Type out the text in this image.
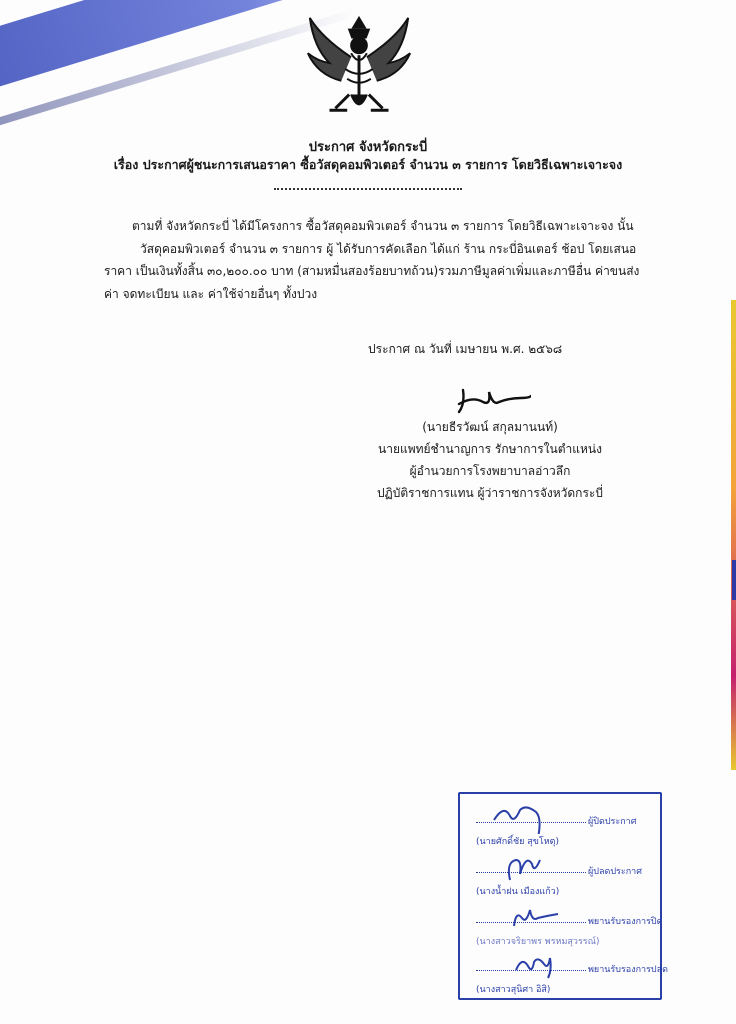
ประกาศ จังหวัดกระบี่
เรื่อง ประกาศผู้ชนะการเสนอราคา ซื้อวัสดุคอมพิวเตอร์ จำนวน ๓ รายการ โดยวิธีเฉพาะเจาะจง
ตามที่ จังหวัดกระบี่ ได้มีโครงการ ซื้อวัสดุคอมพิวเตอร์ จำนวน ๓ รายการ โดยวิธีเฉพาะเจาะจง นั้น
วัสดุคอมพิวเตอร์ จำนวน ๓ รายการ ผู้ ได้รับการคัดเลือก ได้แก่ ร้าน กระบี่อินเตอร์ ช้อป โดยเสนอ
ราคา เป็นเงินทั้งสิ้น ๓๐,๒๐๐.๐๐ บาท (สามหมื่นสองร้อยบาทถ้วน)รวมภาษีมูลค่าเพิ่มและภาษีอื่น ค่าขนส่ง
ค่า จดทะเบียน และ ค่าใช้จ่ายอื่นๆ ทั้งปวง
ประกาศ ณ วันที่ เมษายน พ.ศ. ๒๕๖๘
(นายธีรวัฒน์ สกุลมานนท์)
นายแพทย์ชำนาญการ รักษาการในตำแหน่ง
ผู้อำนวยการโรงพยาบาลอ่าวลึก
ปฏิบัติราชการแทน ผู้ว่าราชการจังหวัดกระบี่
ผู้ปิดประกาศ
(นายศักดิ์ชัย สุขโหตุ)
ผู้ปลดประกาศ
(นางน้ำฝน เมืองแก้ว)
พยานรับรองการปิด
(นางสาวจริยาพร พรหมสุวรรณ์)
พยานรับรองการปลด
(นางสาวสุนิศา อิสิ)
